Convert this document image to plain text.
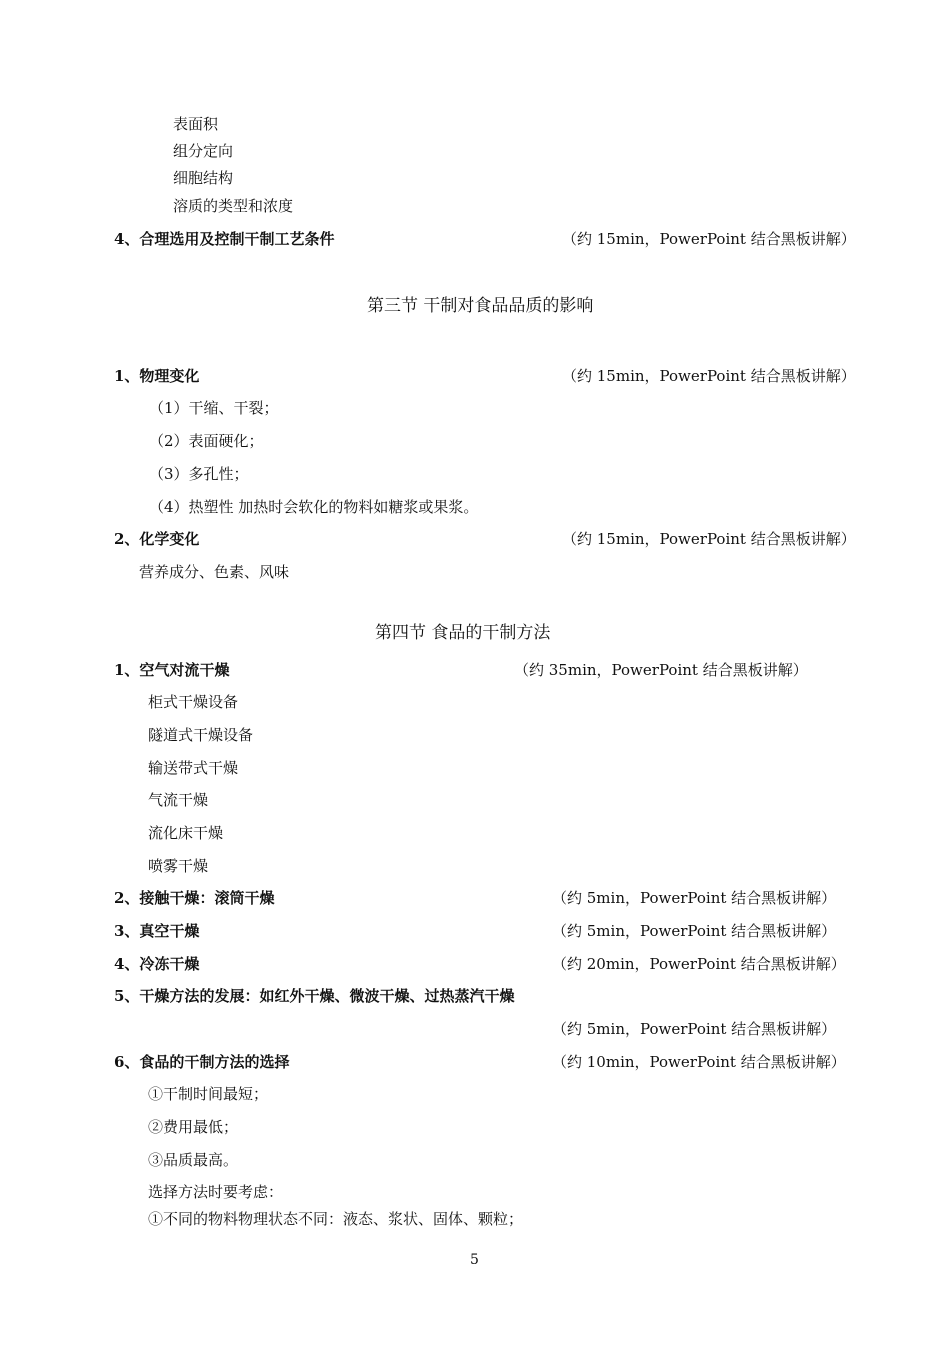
表面积
组分定向
细胞结构
溶质的类型和浓度
4、合理选用及控制干制工艺条件	（约 15min，PowerPoint 结合黑板讲解）
第三节 干制对食品品质的影响
1、物理变化	（约 15min，PowerPoint 结合黑板讲解）
（1）干缩、干裂；
（2）表面硬化；
（3）多孔性；
（4）热塑性 加热时会软化的物料如糖浆或果浆。
2、化学变化	（约 15min，PowerPoint 结合黑板讲解）
营养成分、色素、风味
第四节 食品的干制方法
1、空气对流干燥	（约 35min，PowerPoint 结合黑板讲解）
柜式干燥设备
隧道式干燥设备
输送带式干燥
气流干燥
流化床干燥
喷雾干燥
2、接触干燥：滚筒干燥	（约 5min，PowerPoint 结合黑板讲解）
3、真空干燥	（约 5min，PowerPoint 结合黑板讲解）
4、冷冻干燥	（约 20min，PowerPoint 结合黑板讲解）
5、干燥方法的发展：如红外干燥、微波干燥、过热蒸汽干燥
（约 5min，PowerPoint 结合黑板讲解）
6、食品的干制方法的选择	（约 10min，PowerPoint 结合黑板讲解）
①干制时间最短；
②费用最低；
③品质最高。
选择方法时要考虑：
①不同的物料物理状态不同：液态、浆状、固体、颗粒；
5
